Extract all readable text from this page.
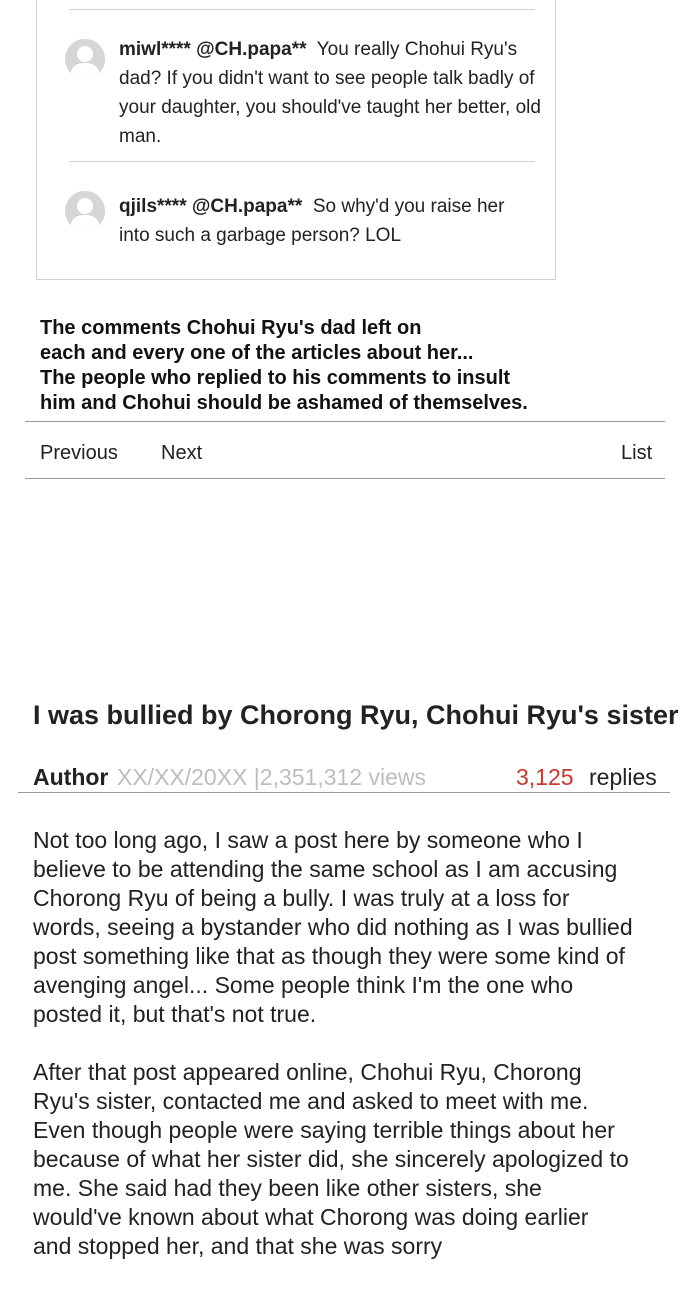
miwl**** @CH.papa** You really Chohui Ryu's dad? If you didn't want to see people talk badly of your daughter, you should've taught her better, old man.
qjils**** @CH.papa** So why'd you raise her into such a garbage person? LOL
The comments Chohui Ryu's dad left on
each and every one of the articles about her...
The people who replied to his comments to insult
him and Chohui should be ashamed of themselves.
Previous Next	List
I was bullied by Chorong Ryu, Chohui Ryu's sister
Author XX/XX/20XX |2,351,312 views	3,125 replies

Not too long ago, I saw a post here by someone who I believe to be attending the same school as I am accusing Chorong Ryu of being a bully. I was truly at a loss for words, seeing a bystander who did nothing as I was bullied post something like that as though they were some kind of avenging angel... Some people think I'm the one who posted it, but that's not true.

After that post appeared online, Chohui Ryu, Chorong Ryu's sister, contacted me and asked to meet with me. Even though people were saying terrible things about her because of what her sister did, she sincerely apologized to me. She said had they been like other sisters, she would've known about what Chorong was doing earlier and stopped her, and that she was sorry
